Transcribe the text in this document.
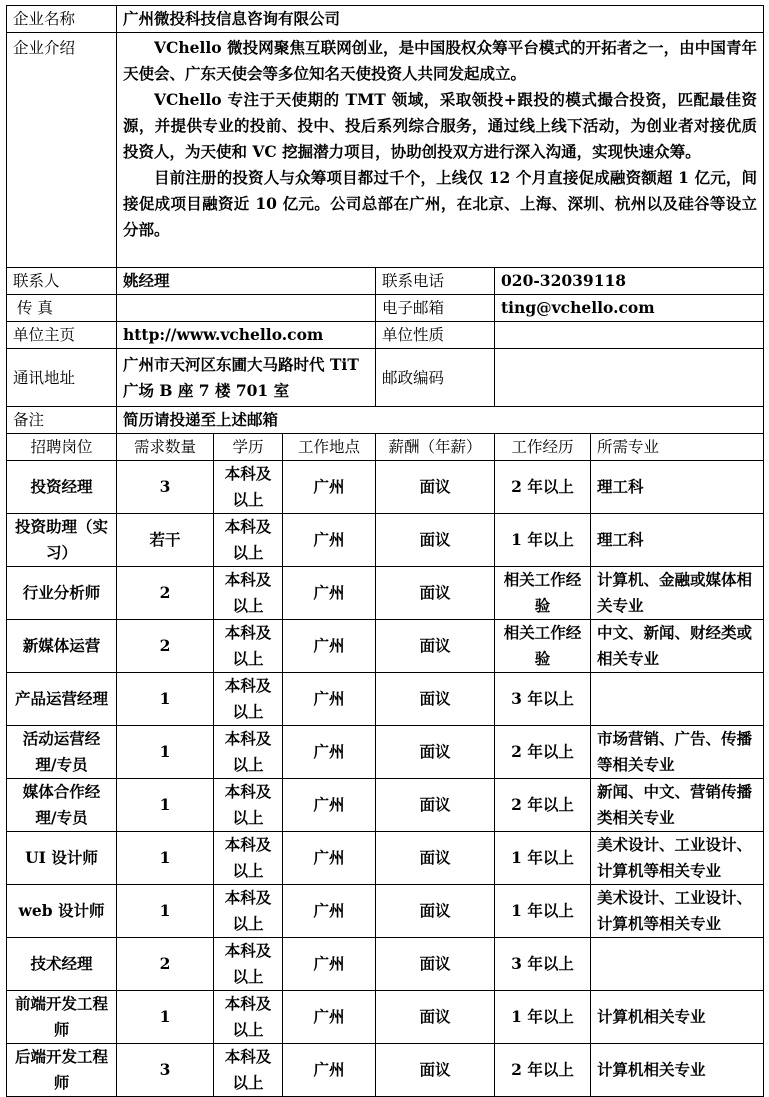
企业名称	广州微投科技信息咨询有限公司					
企业介绍	VChello 微投网聚焦互联网创业，是中国股权众筹平台模式的开拓者之一，由中国青年天使会、广东天使会等多位知名天使投资人共同发起成立。

VChello 专注于天使期的 TMT 领域，采取领投+跟投的模式撮合投资，匹配最佳资源，并提供专业的投前、投中、投后系列综合服务，通过线上线下活动，为创业者对接优质投资人，为天使和 VC 挖掘潜力项目，协助创投双方进行深入沟通，实现快速众筹。

目前注册的投资人与众筹项目都过千个，上线仅 12 个月直接促成融资额超 1 亿元，间接促成项目融资近 10 亿元。公司总部在广州，在北京、上海、深圳、杭州以及硅谷等设立分部。					

联系人	姚经理			联系电话	020-32039118	
传 真				电子邮箱	ting@vchello.com	
单位主页	http://www.vchello.com			单位性质		
通讯地址	广州市天河区东圃大马路时代 TiT 广场 B 座 7 楼 701 室			邮政编码		
备注	简历请投递至上述邮箱					
招聘岗位	需求数量	学历	工作地点	薪酬（年薪）	工作经历	所需专业
投资经理	3	本科及以上	广州	面议	2 年以上	理工科
投资助理（实习）	若干	本科及以上	广州	面议	1 年以上	理工科
行业分析师	2	本科及以上	广州	面议	相关工作经验	计算机、金融或媒体相关专业
新媒体运营	2	本科及以上	广州	面议	相关工作经验	中文、新闻、财经类或相关专业
产品运营经理	1	本科及以上	广州	面议	3 年以上	
活动运营经理/专员	1	本科及以上	广州	面议	2 年以上	市场营销、广告、传播等相关专业
媒体合作经理/专员	1	本科及以上	广州	面议	2 年以上	新闻、中文、营销传播类相关专业
UI 设计师	1	本科及以上	广州	面议	1 年以上	美术设计、工业设计、计算机等相关专业
web 设计师	1	本科及以上	广州	面议	1 年以上	美术设计、工业设计、计算机等相关专业
技术经理	2	本科及以上	广州	面议	3 年以上	
前端开发工程师	1	本科及以上	广州	面议	1 年以上	计算机相关专业
后端开发工程师	3	本科及以上	广州	面议	2 年以上	计算机相关专业
